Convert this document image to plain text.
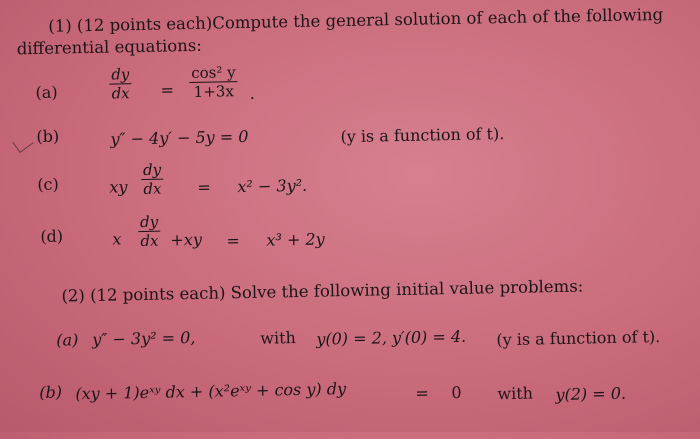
(1) (12 points each)Compute the general solution of each of the following
differential equations:
(a)	$\frac{dy}{dx} = \frac{\text{cos² y}}{1+3x}$ .
(b)	y″ − 4y′ − 5y = 0	(y is a function of t).
(c)	xy $\frac{dy}{dx} = x^2 - 3y^2$.
(d)	x $\frac{dy}{dx} +xy = x^3 + 2y$
(2) (12 points each) Solve the following initial value problems:
(a) y″ − 3y² = 0,	with y(0) = 2, y′(0) = 4. (y is a function of t).
(b) (xy + 1)eˣʸ dx + (x²eˣʸ + cos y) dy	= 0 with y(2) = 0.
